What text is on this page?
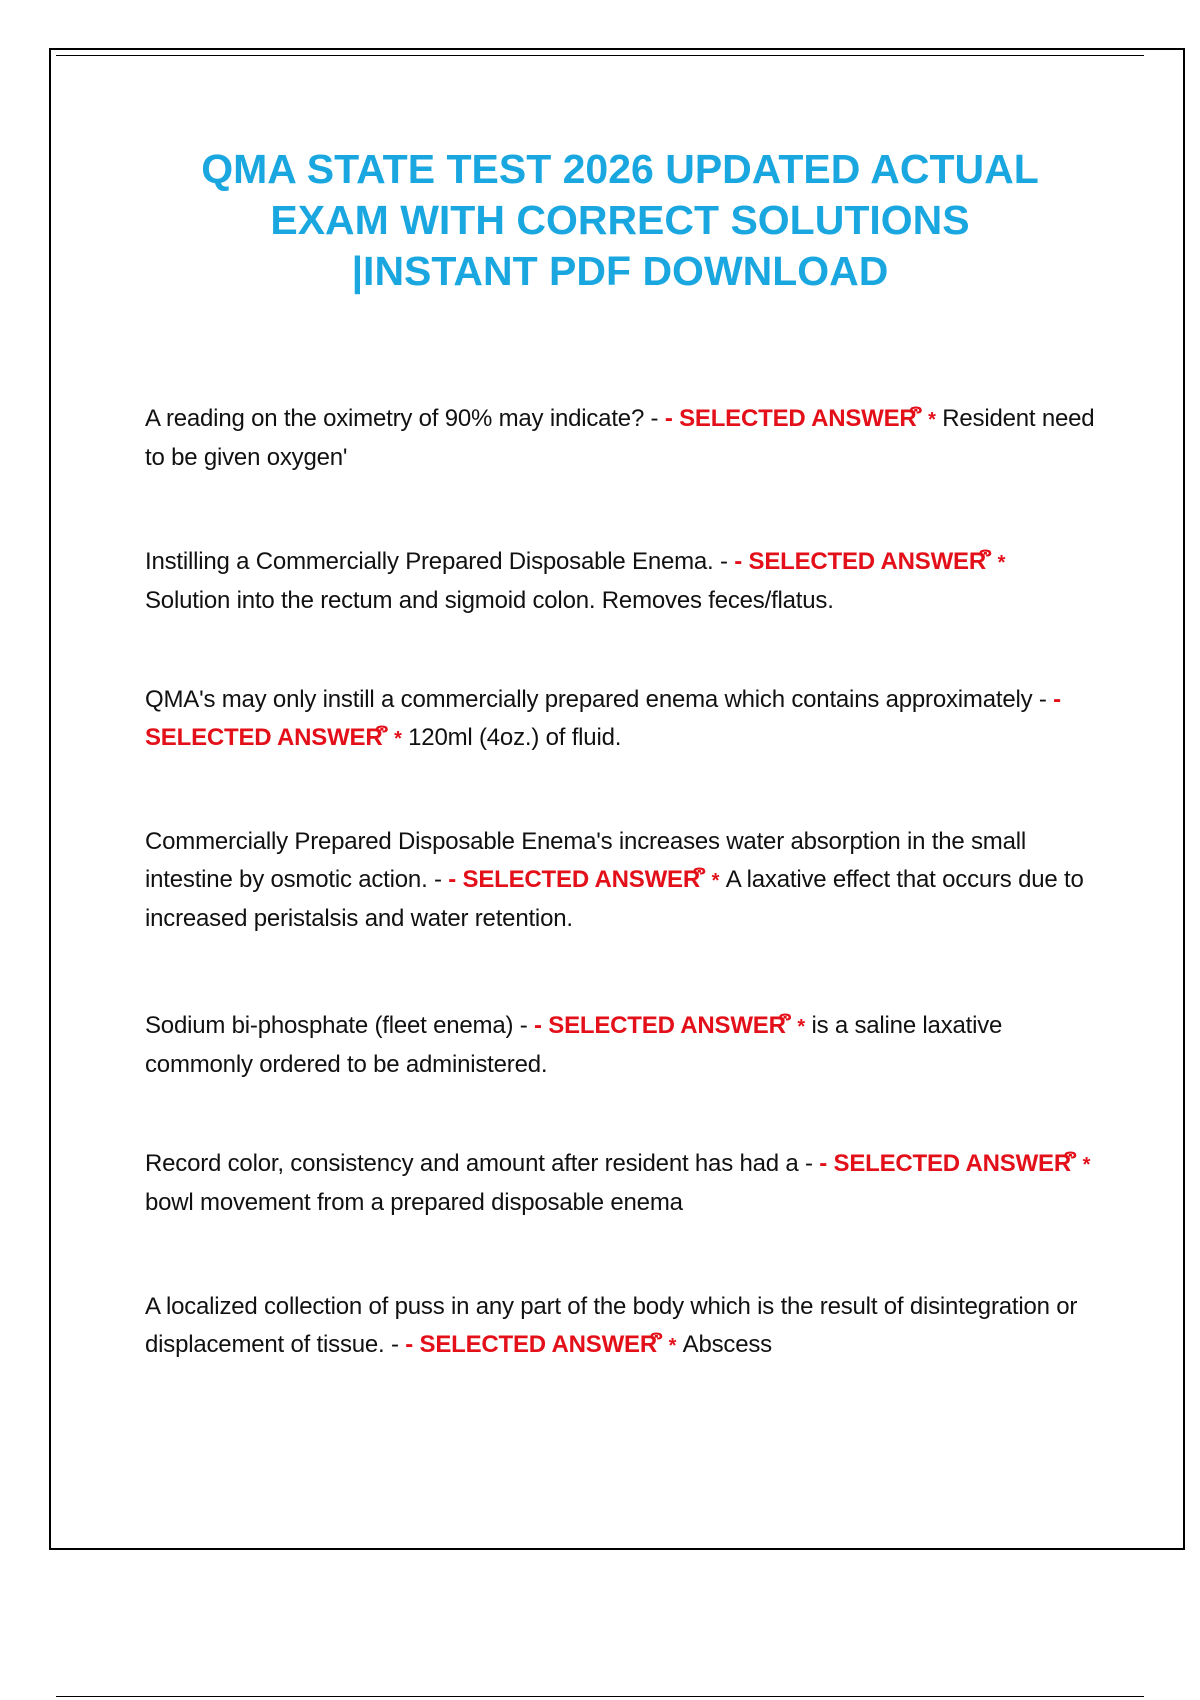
QMA STATE TEST 2026 UPDATED ACTUAL
EXAM WITH CORRECT SOLUTIONS
|INSTANT PDF DOWNLOAD

A reading on the oximetry of 90% may indicate? - - SELECTED ANSWER ຶຶ * Resident need to be given oxygen'

Instilling a Commercially Prepared Disposable Enema. - - SELECTED ANSWER ຶຶ * Solution into the rectum and sigmoid colon. Removes feces/flatus.

QMA's may only instill a commercially prepared enema which contains approximately - - SELECTED ANSWER ຶຶ * 120ml (4oz.) of fluid.

Commercially Prepared Disposable Enema's increases water absorption in the small intestine by osmotic action. - - SELECTED ANSWER ຶຶ * A laxative effect that occurs due to increased peristalsis and water retention.

Sodium bi-phosphate (fleet enema) - - SELECTED ANSWER ຶຶ * is a saline laxative commonly ordered to be administered.

Record color, consistency and amount after resident has had a - - SELECTED ANSWER ຶຶ * bowl movement from a prepared disposable enema

A localized collection of puss in any part of the body which is the result of disintegration or displacement of tissue. - - SELECTED ANSWER ຶຶ * Abscess
